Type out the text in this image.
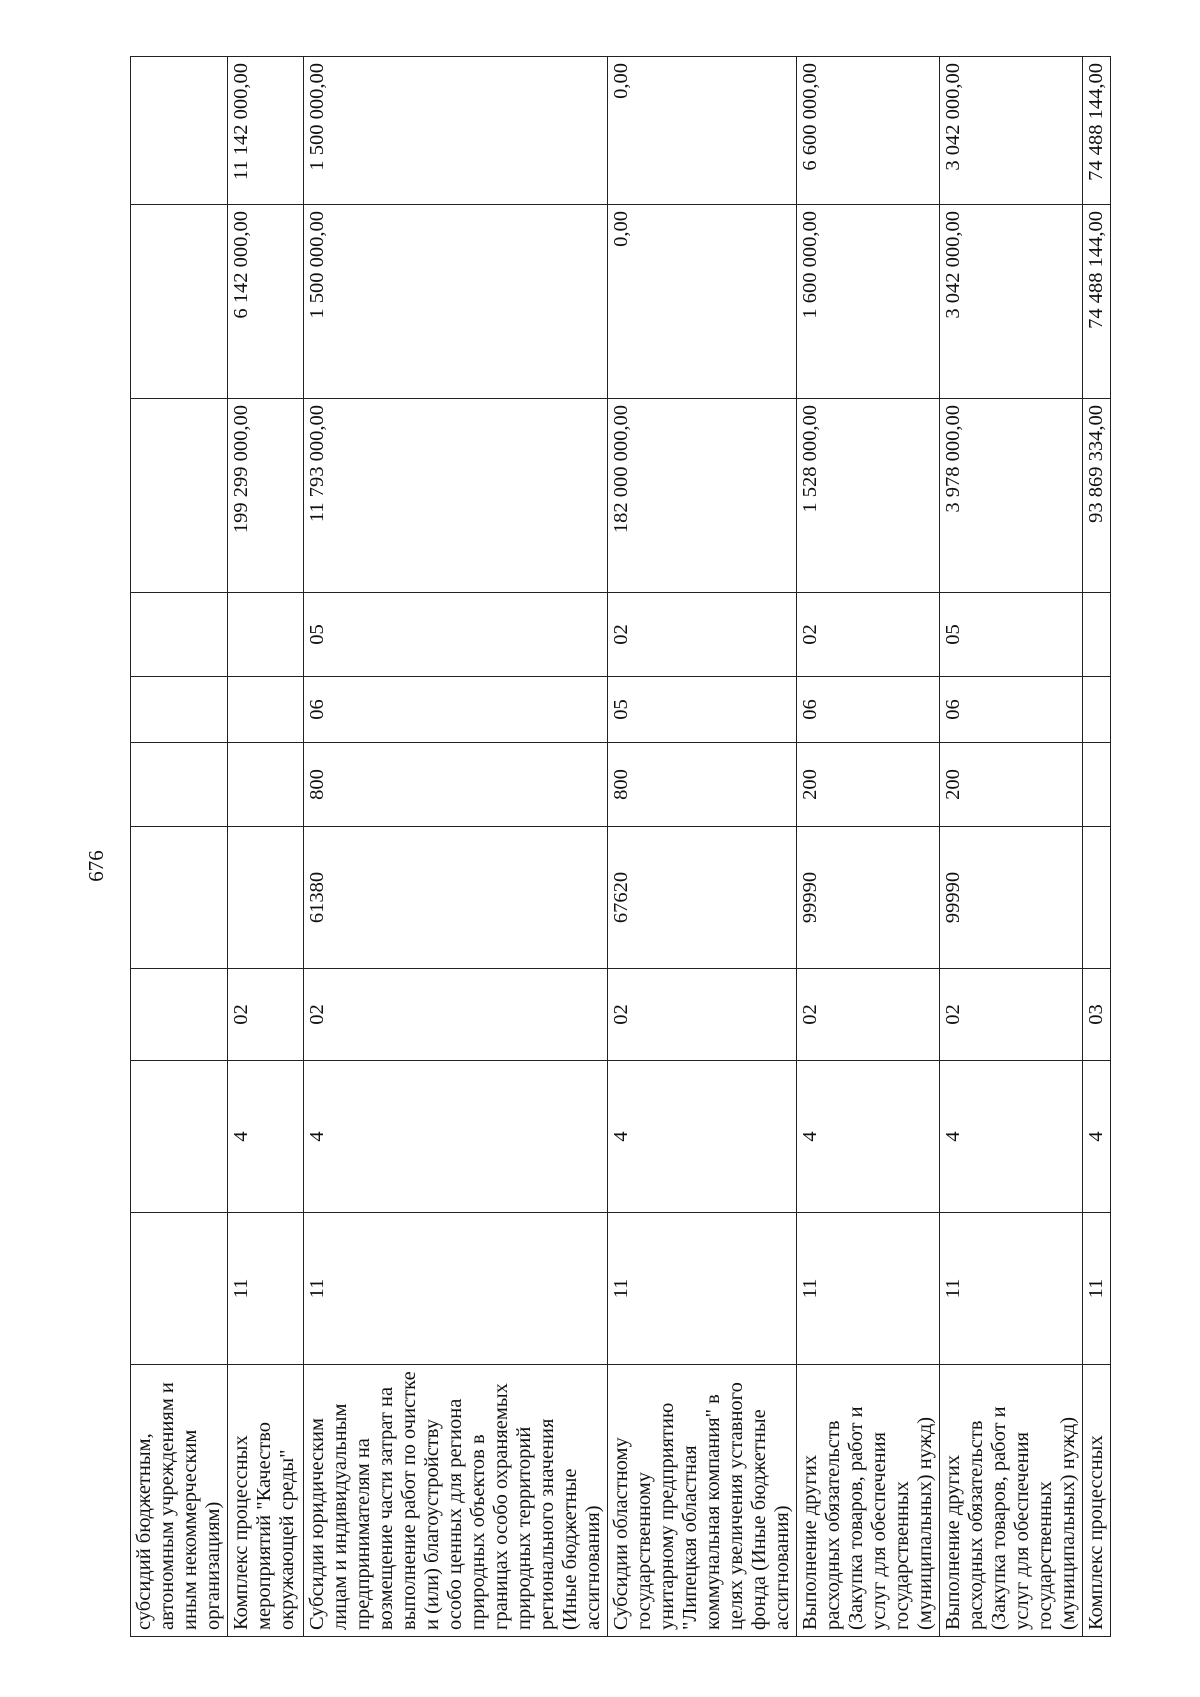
676
субсидий бюджетным, автономным учреждениям и иным некоммерческим организациям)										
Комплекс процессных мероприятий "Качество окружающей среды"	11	4	02					199 299 000,00	6 142 000,00	11 142 000,00
Субсидии юридическим лицам и индивидуальным предпринимателям на возмещение части затрат на выполнение работ по очистке и (или) благоустройству особо ценных для региона природных объектов в границах особо охраняемых природных территорий регионального значения (Иные бюджетные ассигнования)	11	4	02	61380	800	06	05	11 793 000,00	1 500 000,00	1 500 000,00
Субсидии областному государственному унитарному предприятию "Липецкая областная коммунальная компания" в целях увеличения уставного фонда (Иные бюджетные ассигнования)	11	4	02	67620	800	05	02	182 000 000,00	0,00	0,00
Выполнение других расходных обязательств (Закупка товаров, работ и услуг для обеспечения государственных (муниципальных) нужд)	11	4	02	99990	200	06	02	1 528 000,00	1 600 000,00	6 600 000,00
Выполнение других расходных обязательств (Закупка товаров, работ и услуг для обеспечения государственных (муниципальных) нужд)	11	4	02	99990	200	06	05	3 978 000,00	3 042 000,00	3 042 000,00
Комплекс процессных	11	4	03					93 869 334,00	74 488 144,00	74 488 144,00
